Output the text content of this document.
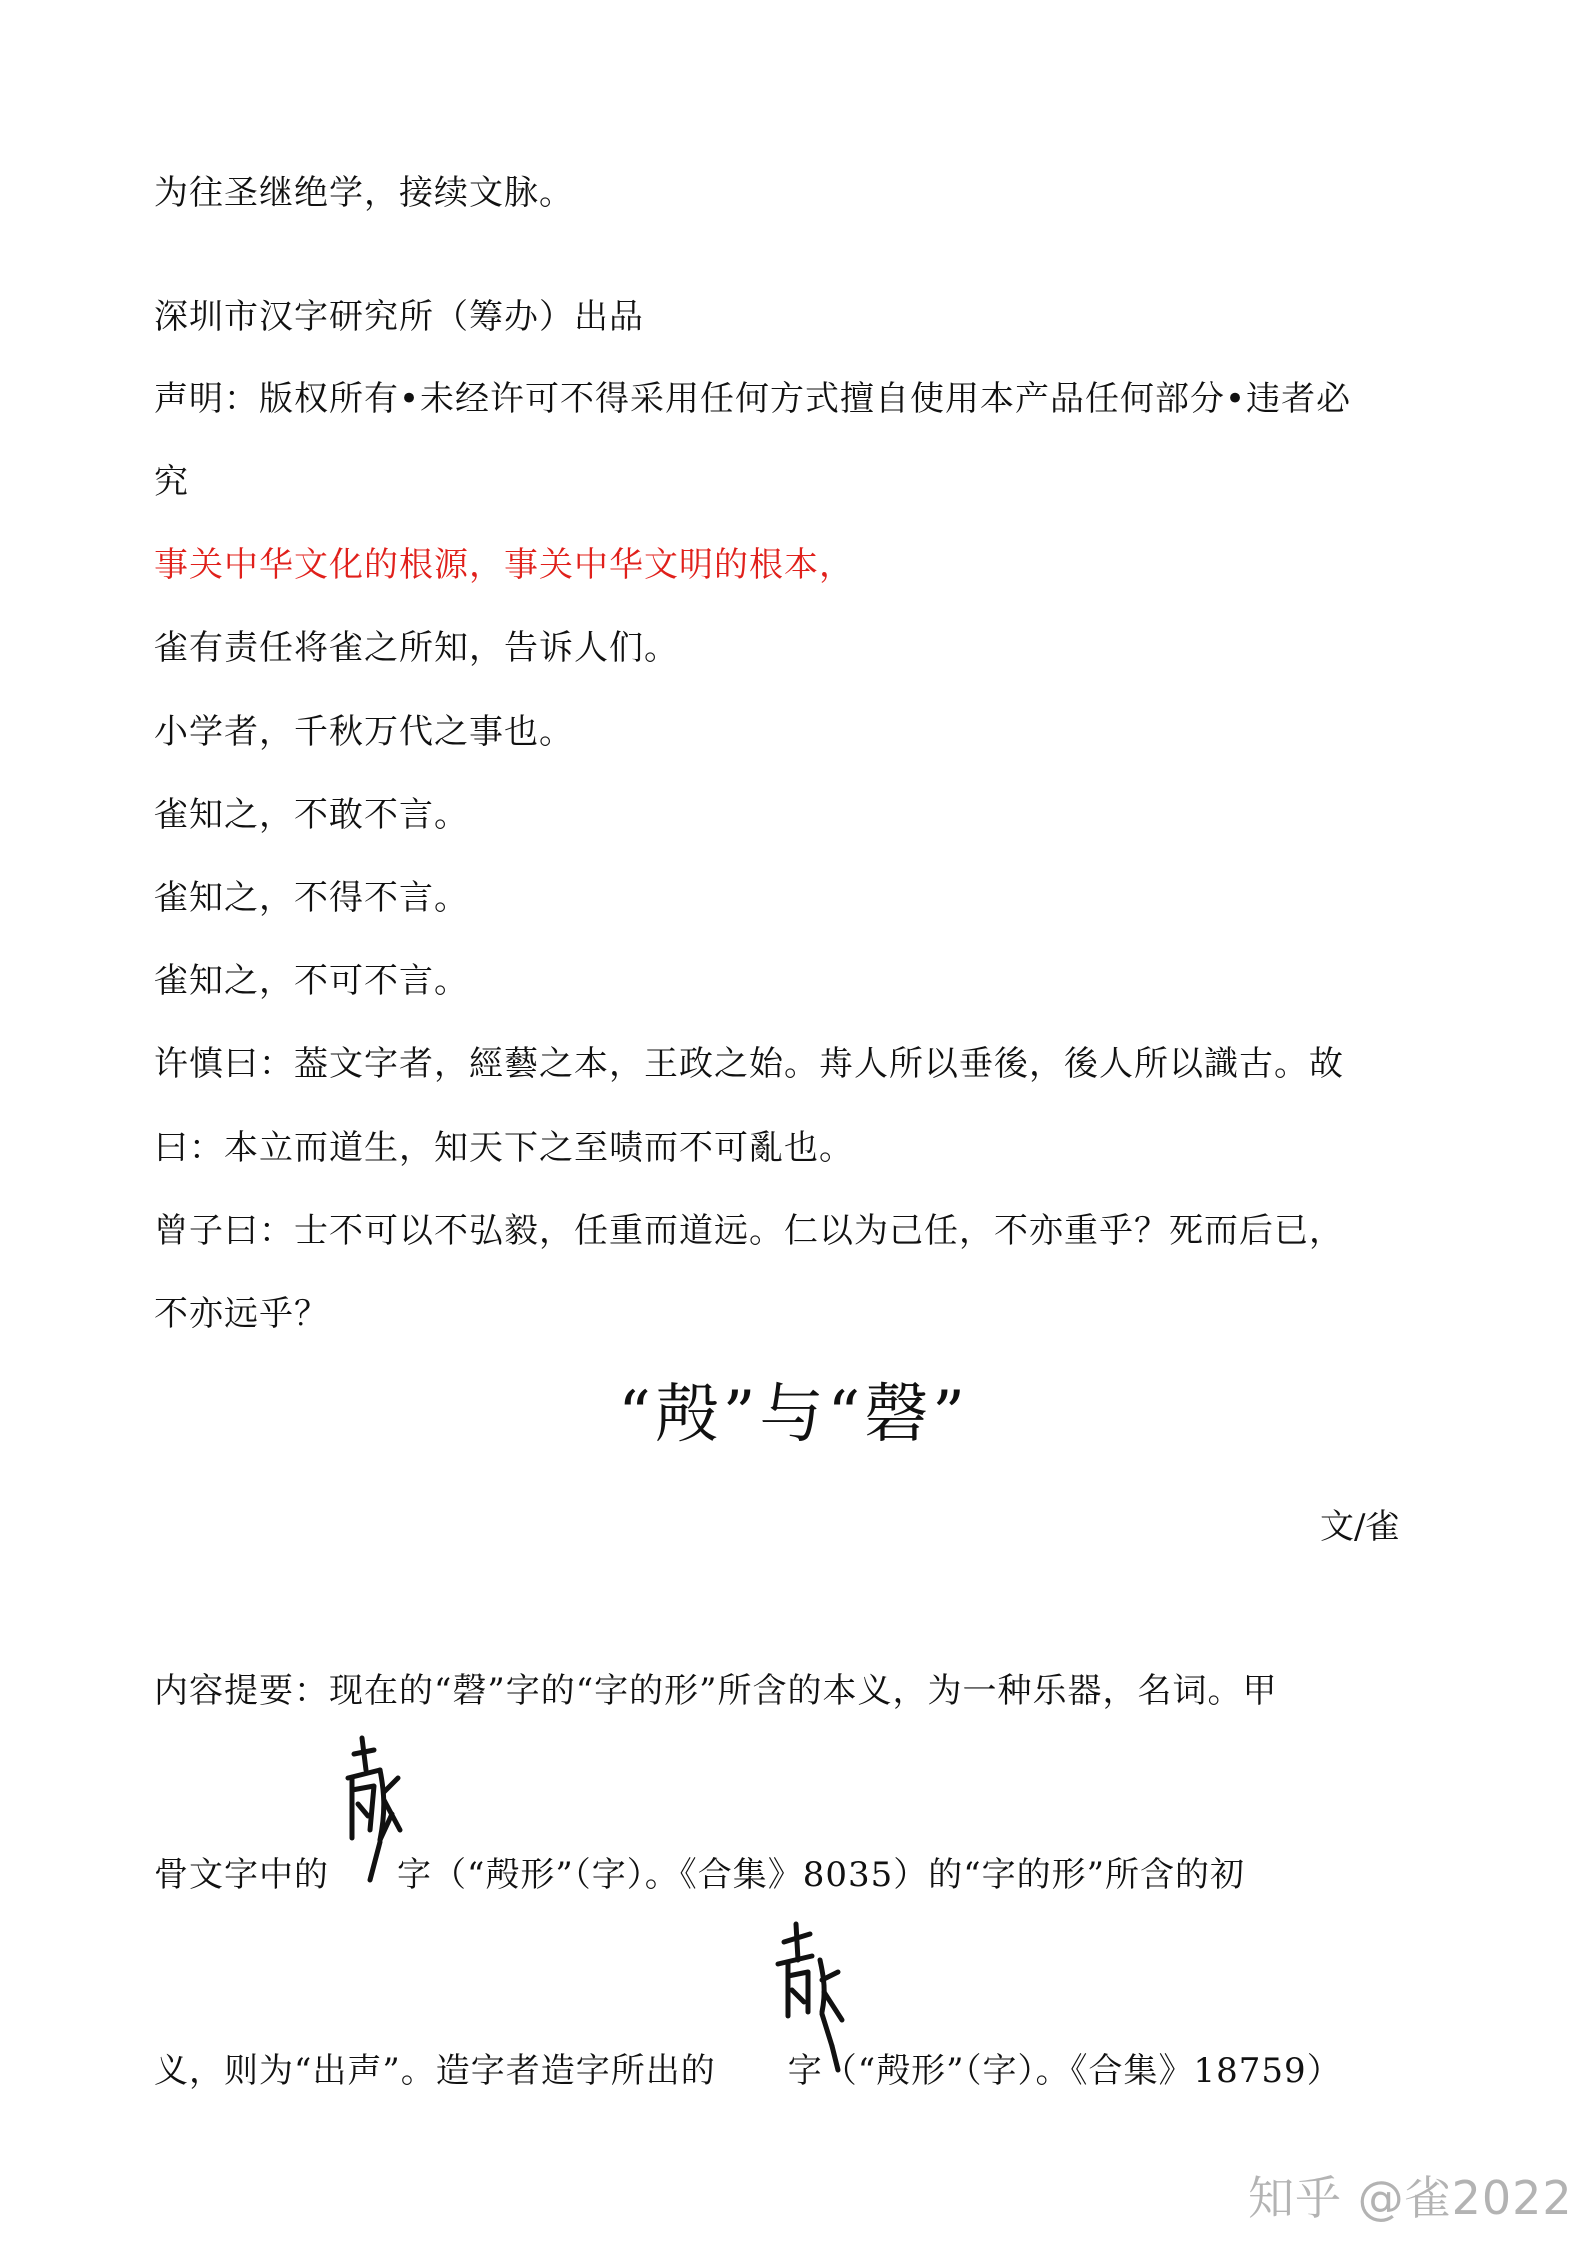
为往圣继绝学，接续文脉。
深圳市汉字研究所（筹办）出品
声明：版权所有•未经许可不得采用任何方式擅自使用本产品任何部分•违者必
究
事关中华文化的根源，事关中华文明的根本，
雀有责任将雀之所知，告诉人们。
小学者，千秋万代之事也。
雀知之，不敢不言。
雀知之，不得不言。
雀知之，不可不言。
许慎曰：葢文字者，經藝之本，王政之始。歬人所以垂後，後人所以識古。故
曰：本立而道生，知天下之至啧而不可亂也。
曾子曰：士不可以不弘毅，任重而道远。仁以为己任，不亦重乎？死而后已，
不亦远乎？
“殸”与“磬”
文/雀
内容提要：现在的“磬”字的“字的形”所含的本义，为一种乐器，名词。甲
骨文字中的 字（“殸形”（字）。《合集》8035）的“字的形”所含的初
义，则为“出声”。造字者造字所出的 字（“殸形”（字）。《合集》18759）
知乎 @雀2022
